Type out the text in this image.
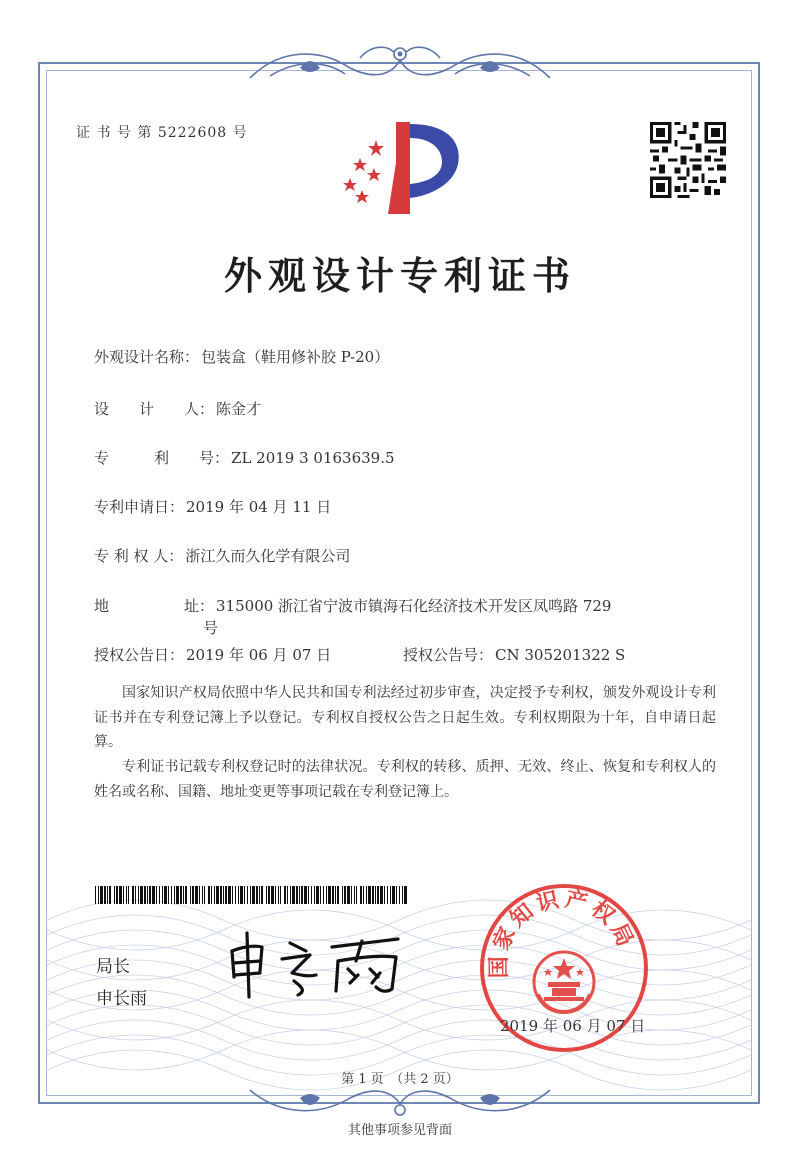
证 书 号 第 5222608 号
外观设计专利证书
外观设计名称： 包装盒（鞋用修补胶 P-20）
设　　计　　人： 陈金才
专　　　利　　号： ZL 2019 3 0163639.5
专利申请日： 2019 年 04 月 11 日
专 利 权 人： 浙江久而久化学有限公司
地　　　　　址： 315000 浙江省宁波市镇海石化经济技术开发区凤鸣路 729
号
授权公告日： 2019 年 06 月 07 日	授权公告号： CN 305201322 S
国家知识产权局依照中华人民共和国专利法经过初步审查，决定授予专利权，颁发外观设计专利证书并在专利登记簿上予以登记。专利权自授权公告之日起生效。专利权期限为十年，自申请日起算。
专利证书记载专利权登记时的法律状况。专利权的转移、质押、无效、终止、恢复和专利权人的姓名或名称、国籍、地址变更等事项记载在专利登记簿上。
局长
申长雨
国家知识产权局
2019 年 06 月 07 日
第 1 页　（共 2 页）
其他事项参见背面
